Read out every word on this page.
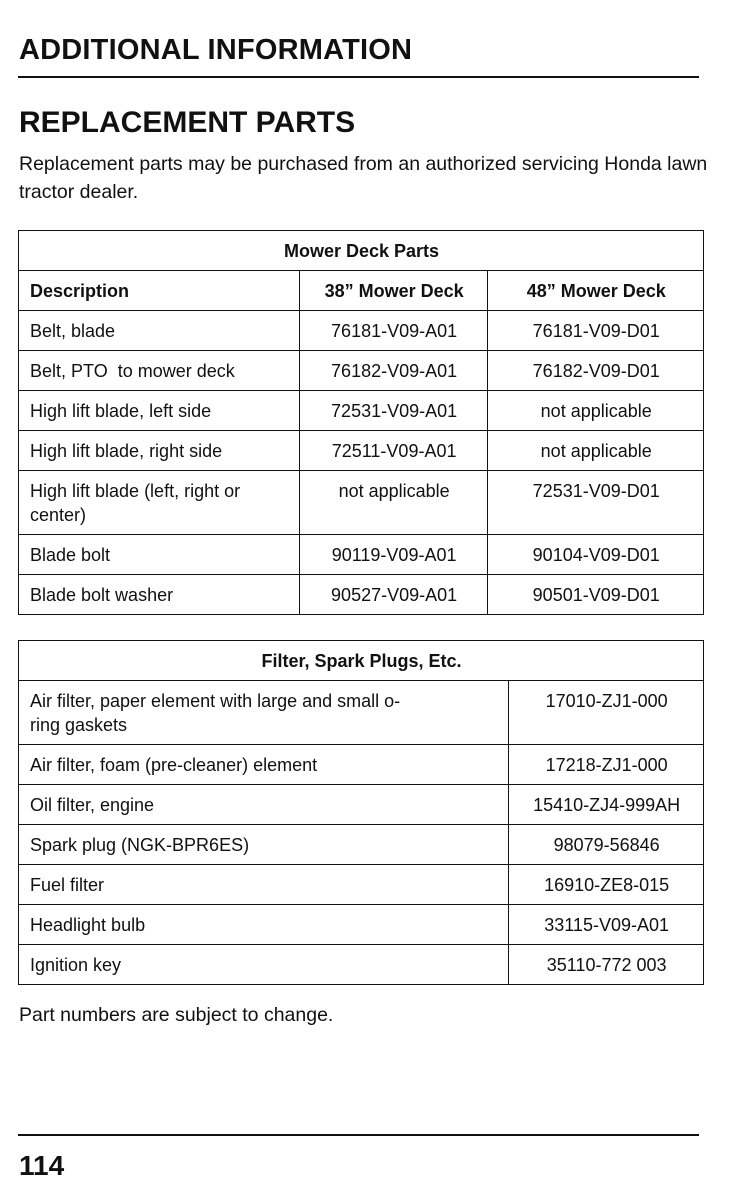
ADDITIONAL INFORMATION
REPLACEMENT PARTS

Replacement parts may be purchased from an authorized servicing Honda lawn tractor dealer.

Mower Deck Parts		
Description	38” Mower Deck	48” Mower Deck
Belt, blade	76181-V09-A01	76181-V09-D01
Belt, PTO  to mower deck	76182-V09-A01	76182-V09-D01
High lift blade, left side	72531-V09-A01	not applicable
High lift blade, right side	72511-V09-A01	not applicable
High lift blade (left, right or center)	not applicable	72531-V09-D01
Blade bolt	90119-V09-A01	90104-V09-D01
Blade bolt washer	90527-V09-A01	90501-V09-D01
Filter, Spark Plugs, Etc.	
Air filter, paper element with large and small o-ring gaskets	17010-ZJ1-000
Air filter, foam (pre-cleaner) element	17218-ZJ1-000
Oil filter, engine	15410-ZJ4-999AH
Spark plug (NGK-BPR6ES)	98079-56846
Fuel filter	16910-ZE8-015
Headlight bulb	33115-V09-A01
Ignition key	35110-772 003

Part numbers are subject to change.

114
